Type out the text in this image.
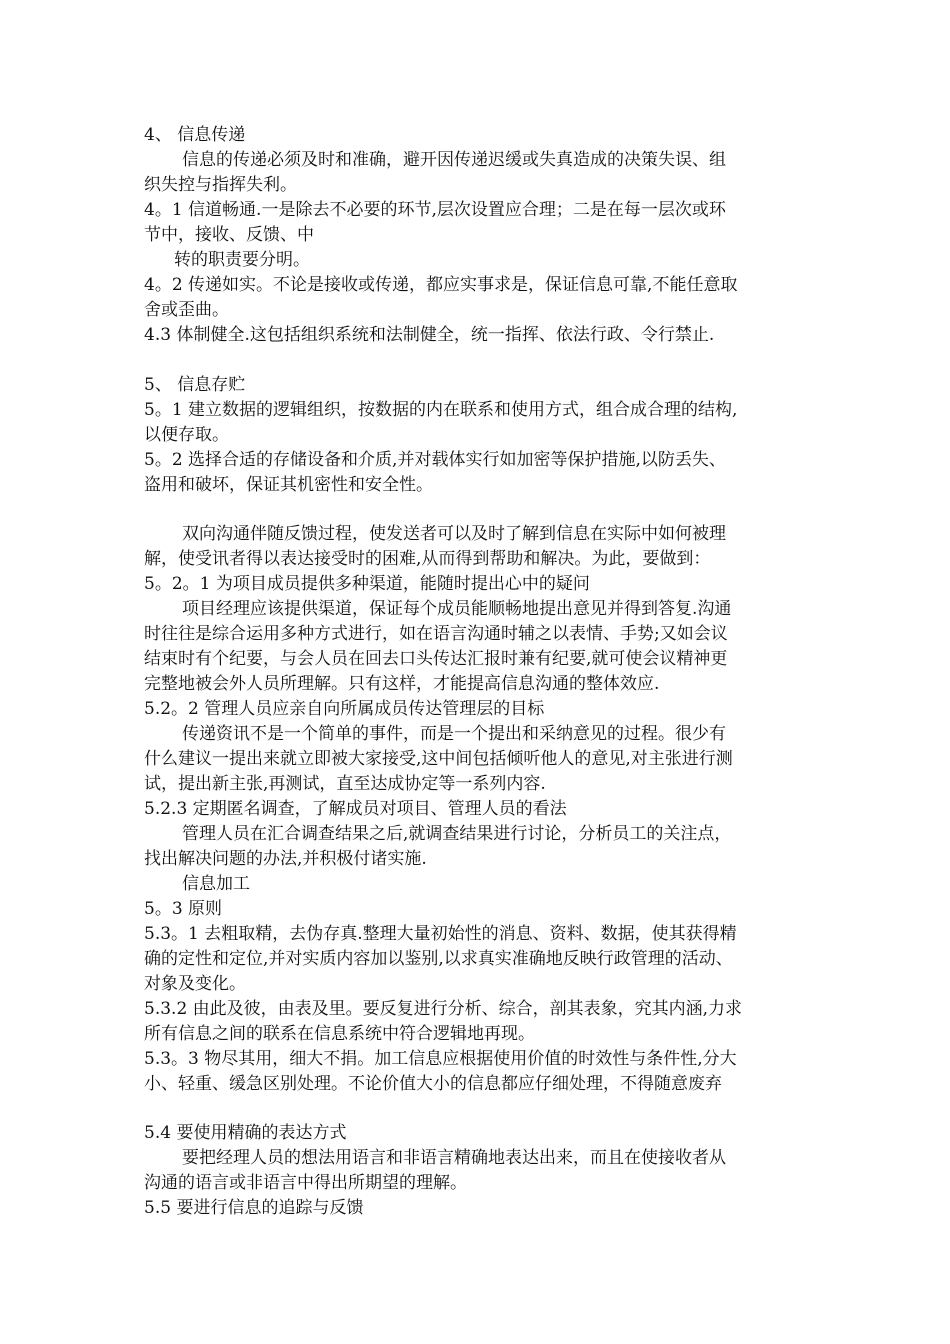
4、 信息传递
信息的传递必须及时和准确，避开因传递迟缓或失真造成的决策失误、组
织失控与指挥失利。
4。1 信道畅通.一是除去不必要的环节,层次设置应合理；二是在每一层次或环
节中，接收、反馈、中
转的职责要分明。
4。2 传递如实。不论是接收或传递，都应实事求是，保证信息可靠,不能任意取
舍或歪曲。
4.3 体制健全.这包括组织系统和法制健全，统一指挥、依法行政、令行禁止.
5、 信息存贮
5。1 建立数据的逻辑组织，按数据的内在联系和使用方式，组合成合理的结构,
以便存取。
5。2 选择合适的存储设备和介质,并对载体实行如加密等保护措施,以防丢失、
盗用和破坏，保证其机密性和安全性。
双向沟通伴随反馈过程，使发送者可以及时了解到信息在实际中如何被理
解，使受讯者得以表达接受时的困难,从而得到帮助和解决。为此，要做到：
5。2。1 为项目成员提供多种渠道，能随时提出心中的疑问
项目经理应该提供渠道，保证每个成员能顺畅地提出意见并得到答复.沟通
时往往是综合运用多种方式进行，如在语言沟通时辅之以表情、手势;又如会议
结束时有个纪要，与会人员在回去口头传达汇报时兼有纪要,就可使会议精神更
完整地被会外人员所理解。只有这样，才能提高信息沟通的整体效应.
5.2。2 管理人员应亲自向所属成员传达管理层的目标
传递资讯不是一个简单的事件，而是一个提出和采纳意见的过程。很少有
什么建议一提出来就立即被大家接受,这中间包括倾听他人的意见,对主张进行测
试，提出新主张,再测试，直至达成协定等一系列内容.
5.2.3 定期匿名调查，了解成员对项目、管理人员的看法
管理人员在汇合调查结果之后,就调查结果进行讨论，分析员工的关注点，
找出解决问题的办法,并积极付诸实施.
信息加工
5。3 原则
5.3。1 去粗取精，去伪存真.整理大量初始性的消息、资料、数据，使其获得精
确的定性和定位,并对实质内容加以鉴别,以求真实准确地反映行政管理的活动、
对象及变化。
5.3.2 由此及彼，由表及里。要反复进行分析、综合，剖其表象，究其内涵,力求
所有信息之间的联系在信息系统中符合逻辑地再现。
5.3。3 物尽其用，细大不捐。加工信息应根据使用价值的时效性与条件性,分大
小、轻重、缓急区别处理。不论价值大小的信息都应仔细处理，不得随意废弃
5.4 要使用精确的表达方式
要把经理人员的想法用语言和非语言精确地表达出来，而且在使接收者从
沟通的语言或非语言中得出所期望的理解。
5.5 要进行信息的追踪与反馈
